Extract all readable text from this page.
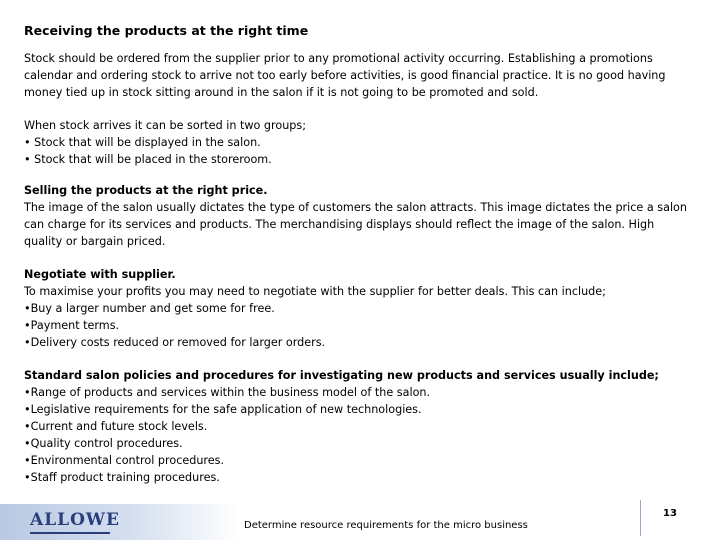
Receiving the products at the right time

Stock should be ordered from the supplier prior to any promotional activity occurring. Establishing a promotions calendar and ordering stock to arrive not too early before activities, is good financial practice. It is no good having money tied up in stock sitting around in the salon if it is not going to be promoted and sold.

When stock arrives it can be sorted in two groups;

• Stock that will be displayed in the salon.
• Stock that will be placed in the storeroom.

Selling the products at the right price.

The image of the salon usually dictates the type of customers the salon attracts. This image dictates the price a salon can charge for its services and products. The merchandising displays should reflect the image of the salon. High quality or bargain priced.

Negotiate with supplier.

To maximise your profits you may need to negotiate with the supplier for better deals. This can include;

•Buy a larger number and get some for free.
•Payment terms.
•Delivery costs reduced or removed for larger orders.

Standard salon policies and procedures for investigating new products and services usually include;

•Range of products and services within the business model of the salon.
•Legislative requirements for the safe application of new technologies.
•Current and future stock levels.
•Quality control procedures.
•Environmental control procedures.
•Staff product training procedures.
ALLOWE	Determine resource requirements for the micro business
13
